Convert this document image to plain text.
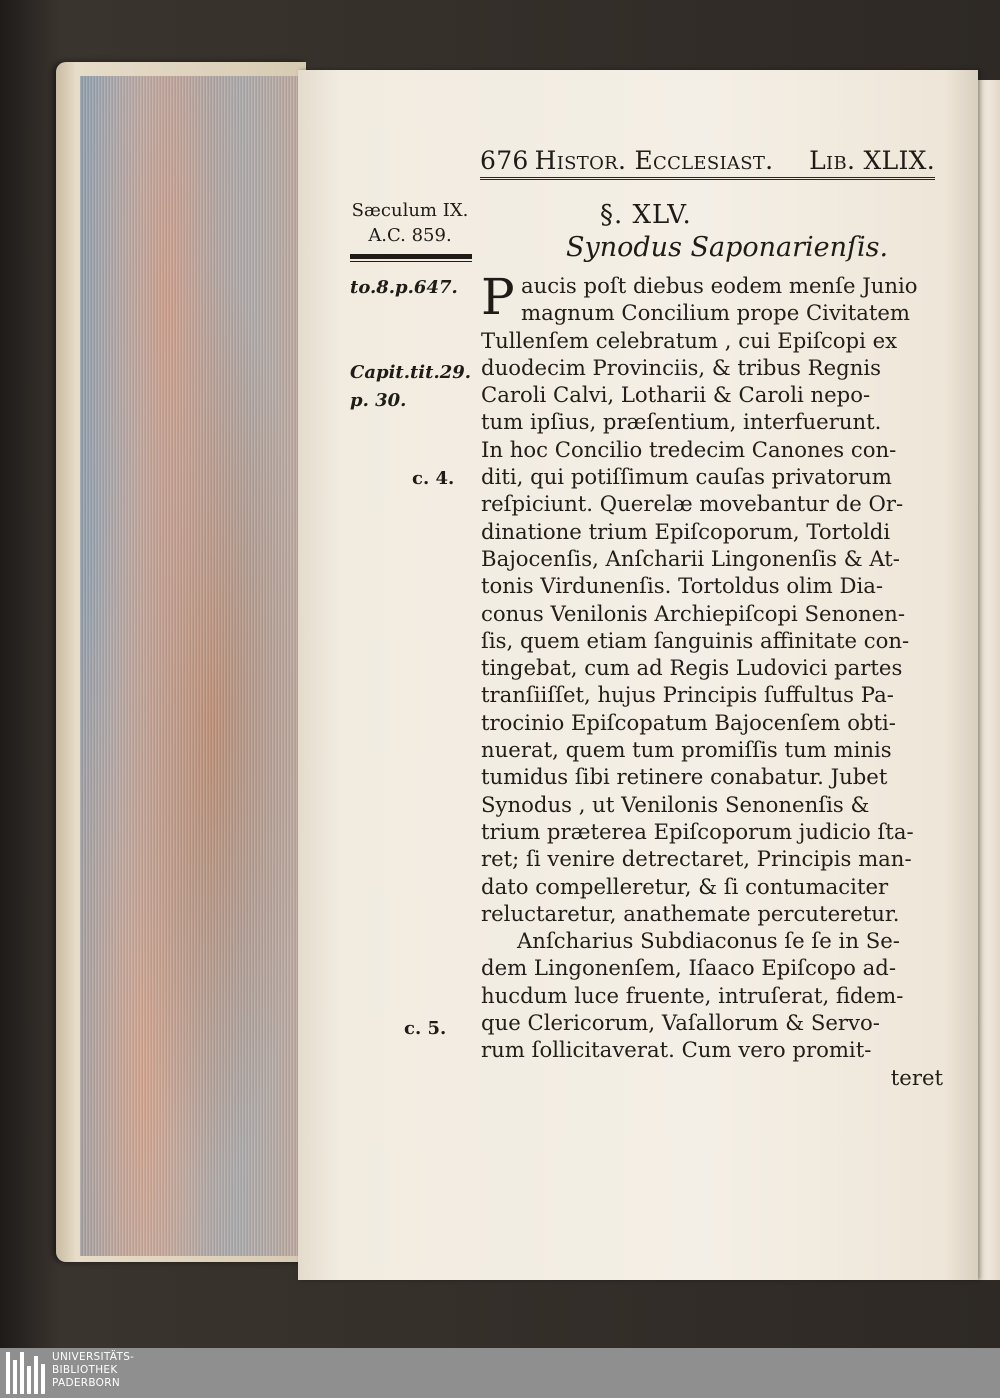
676 Histor. Ecclesiast.	Lib. XLIX.
Sæculum IX.
A.C. 859.
to.8.p.647.
Capit.tit.29.
p. 30.
c. 4.
c. 5.
§. XLV.
Synodus Saponarienſis.
P aucis poſt diebus eodem menſe Junio
magnum Concilium prope Civitatem
Tullenſem celebratum , cui Epiſcopi ex
duodecim Provinciis, & tribus Regnis
Caroli Calvi, Lotharii & Caroli nepo-
tum ipſius, præſentium, interfuerunt.
In hoc Concilio tredecim Canones con-
diti, qui potiſſimum cauſas privatorum
reſpiciunt. Querelæ movebantur de Or-
dinatione trium Epiſcoporum, Tortoldi
Bajocenſis, Anſcharii Lingonenſis & At-
tonis Virdunenſis. Tortoldus olim Dia-
conus Venilonis Archiepiſcopi Senonen-
ſis, quem etiam ſanguinis affinitate con-
tingebat, cum ad Regis Ludovici partes
tranſiiſſet, hujus Principis ſuffultus Pa-
trocinio Epiſcopatum Bajocenſem obti-
nuerat, quem tum promiſſis tum minis
tumidus ſibi retinere conabatur. Jubet
Synodus , ut Venilonis Senonenſis &
trium præterea Epiſcoporum judicio ſta-
ret; ſi venire detrectaret, Principis man-
dato compelleretur, & ſi contumaciter
reluctaretur, anathemate percuteretur.
Anſcharius Subdiaconus ſe ſe in Se-
dem Lingonenſem, Iſaaco Epiſcopo ad-
hucdum luce fruente, intruſerat, fidem-
que Clericorum, Vaſallorum & Servo-
rum ſollicitaverat. Cum vero promit-
teret
UNIVERSITÄTS-
BIBLIOTHEK
PADERBORN
